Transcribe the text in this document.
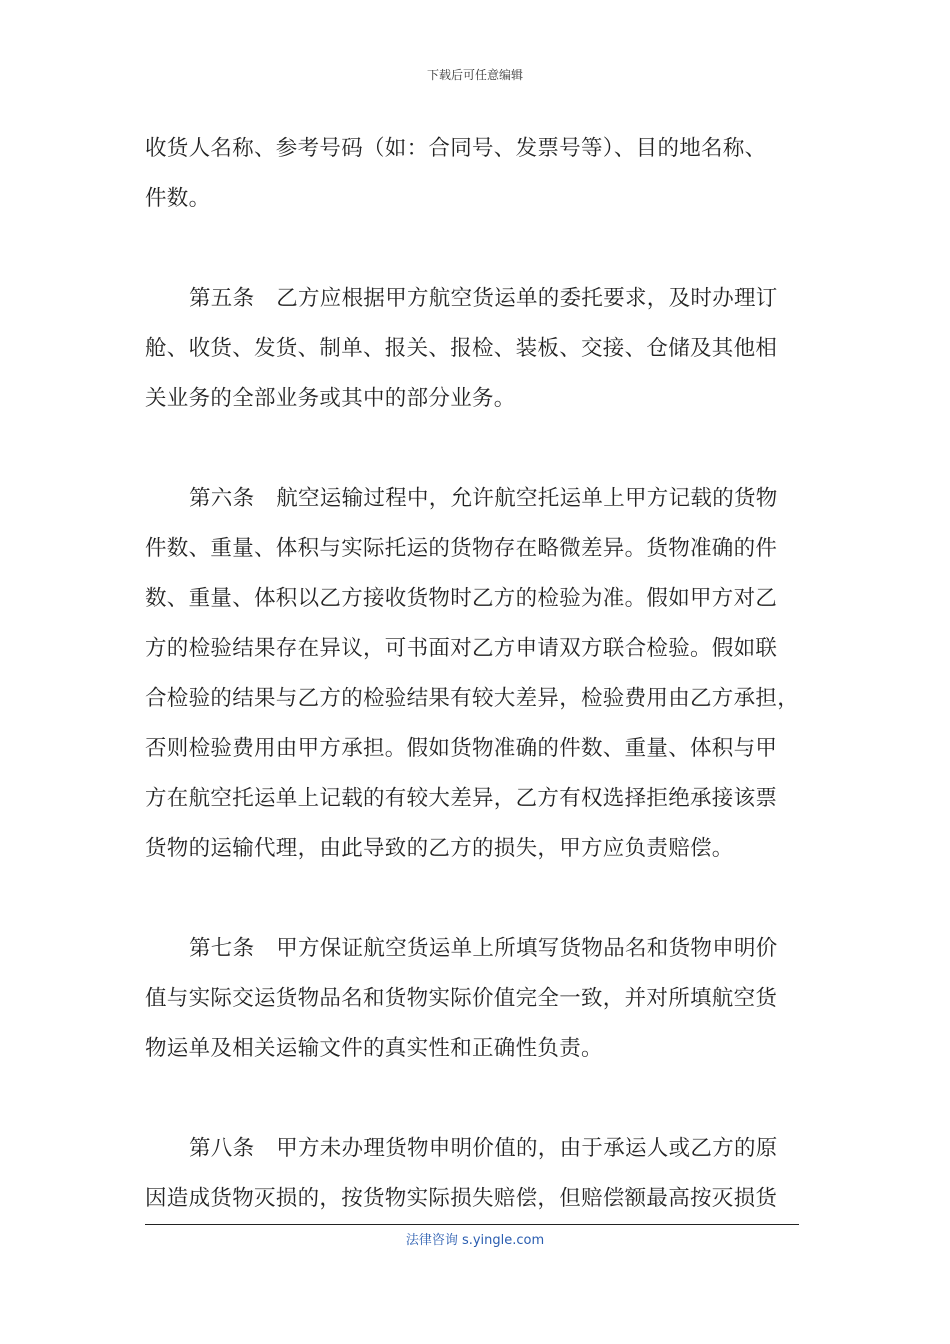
下载后可任意编辑
收货人名称、参考号码（如：合同号、发票号等）、目的地名称、
件数。
第五条　乙方应根据甲方航空货运单的委托要求，及时办理订
舱、收货、发货、制单、报关、报检、装板、交接、仓储及其他相
关业务的全部业务或其中的部分业务。
第六条　航空运输过程中，允许航空托运单上甲方记载的货物
件数、重量、体积与实际托运的货物存在略微差异。货物准确的件
数、重量、体积以乙方接收货物时乙方的检验为准。假如甲方对乙
方的检验结果存在异议，可书面对乙方申请双方联合检验。假如联
合检验的结果与乙方的检验结果有较大差异，检验费用由乙方承担，
否则检验费用由甲方承担。假如货物准确的件数、重量、体积与甲
方在航空托运单上记载的有较大差异，乙方有权选择拒绝承接该票
货物的运输代理，由此导致的乙方的损失，甲方应负责赔偿。
第七条　甲方保证航空货运单上所填写货物品名和货物申明价
值与实际交运货物品名和货物实际价值完全一致，并对所填航空货
物运单及相关运输文件的真实性和正确性负责。
第八条　甲方未办理货物申明价值的，由于承运人或乙方的原
因造成货物灭损的，按货物实际损失赔偿，但赔偿额最高按灭损货
法律咨询 s.yingle.com
